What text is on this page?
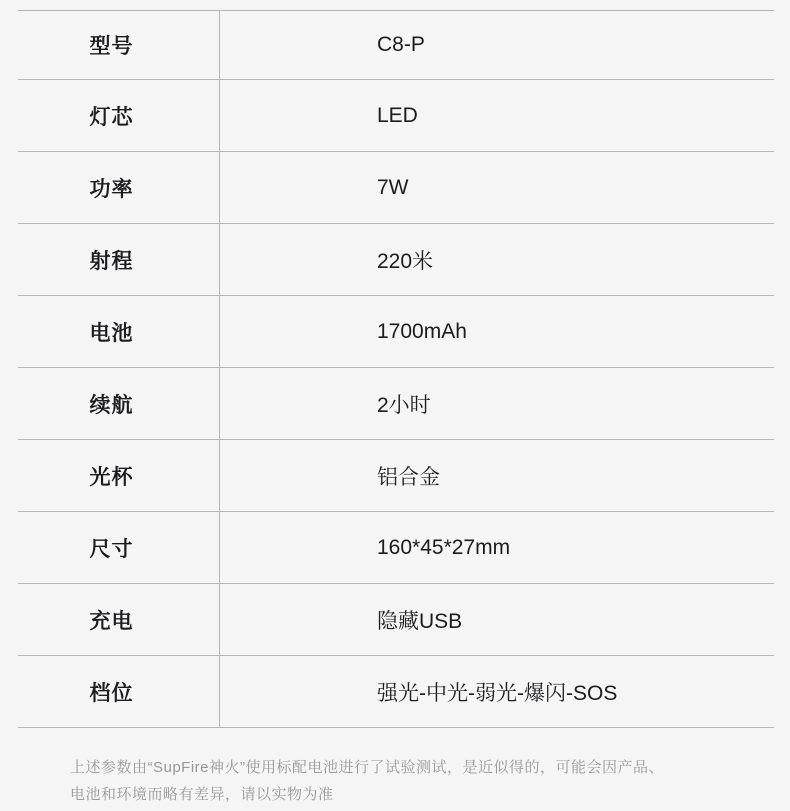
型号	C8-P
灯芯	LED
功率	7W
射程	220米
电池	1700mAh
续航	2小时
光杯	铝合金
尺寸	160*45*27mm
充电	隐藏USB
档位	强光-中光-弱光-爆闪-SOS
上述参数由“SupFire神火”使用标配电池进行了试验测试，是近似得的，可能会因产品、
电池和环境而略有差异，请以实物为准
